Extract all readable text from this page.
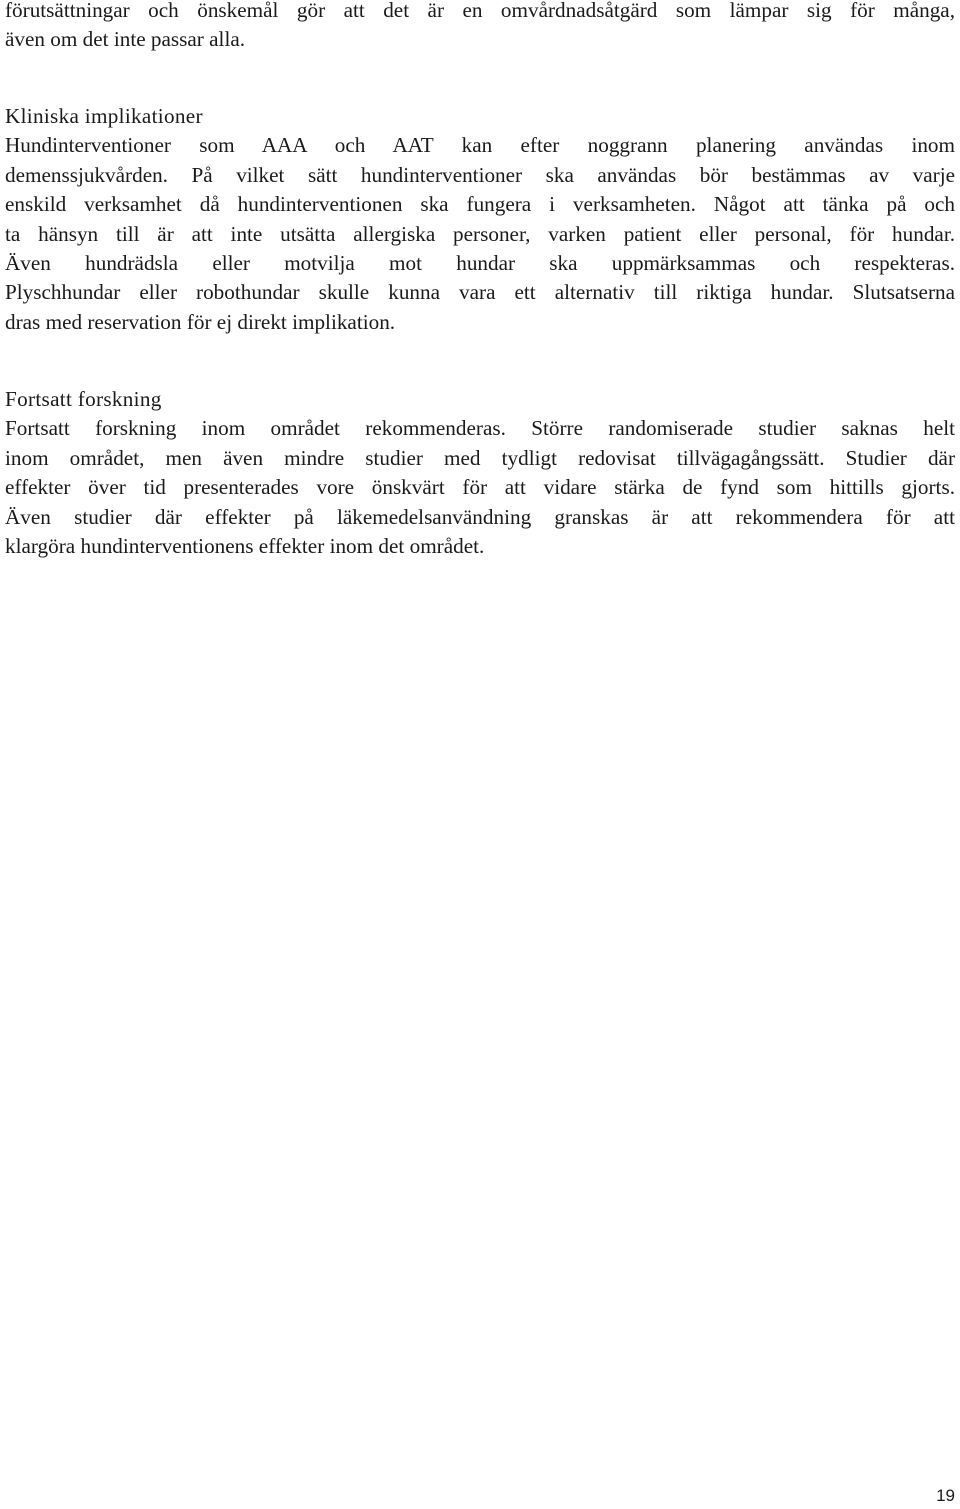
förutsättningar och önskemål gör att det är en omvårdnadsåtgärd som lämpar sig för många,
även om det inte passar alla.

Kliniska implikationer

Hundinterventioner som AAA och AAT kan efter noggrann planering användas inom
demenssjukvården. På vilket sätt hundinterventioner ska användas bör bestämmas av varje
enskild verksamhet då hundinterventionen ska fungera i verksamheten. Något att tänka på och
ta hänsyn till är att inte utsätta allergiska personer, varken patient eller personal, för hundar.
Även hundrädsla eller motvilja mot hundar ska uppmärksammas och respekteras.
Plyschhundar eller robothundar skulle kunna vara ett alternativ till riktiga hundar. Slutsatserna
dras med reservation för ej direkt implikation.

Fortsatt forskning

Fortsatt forskning inom området rekommenderas. Större randomiserade studier saknas helt
inom området, men även mindre studier med tydligt redovisat tillvägagångssätt. Studier där
effekter över tid presenterades vore önskvärt för att vidare stärka de fynd som hittills gjorts.
Även studier där effekter på läkemedelsanvändning granskas är att rekommendera för att
klargöra hundinterventionens effekter inom det området.

19
